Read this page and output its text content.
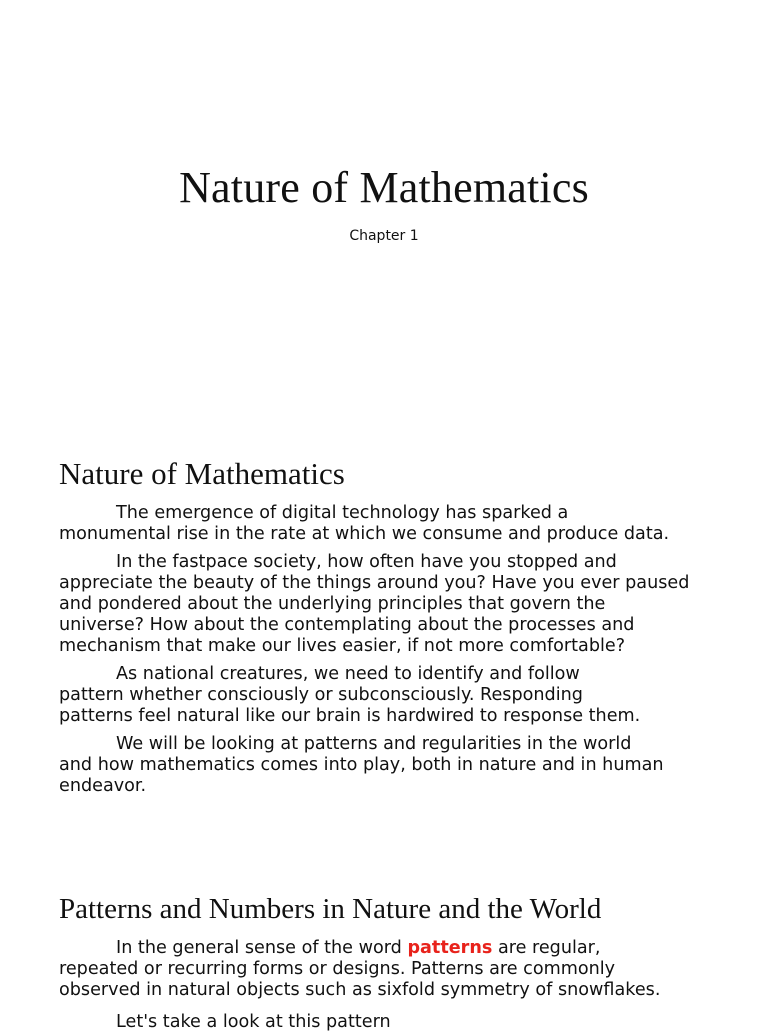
Nature of Mathematics
Chapter 1
Nature of Mathematics

The emergence of digital technology has sparked a
monumental rise in the rate at which we consume and produce data.

In the fastpace society, how often have you stopped and
appreciate the beauty of the things around you? Have you ever paused
and pondered about the underlying principles that govern the
universe? How about the contemplating about the processes and
mechanism that make our lives easier, if not more comfortable?

As national creatures, we need to identify and follow
pattern whether consciously or subconsciously. Responding
patterns feel natural like our brain is hardwired to response them.

We will be looking at patterns and regularities in the world
and how mathematics comes into play, both in nature and in human
endeavor.

Patterns and Numbers in Nature and the World

In the general sense of the word patterns are regular,
repeated or recurring forms or designs. Patterns are commonly
observed in natural objects such as sixfold symmetry of snowflakes.

Let's take a look at this pattern
